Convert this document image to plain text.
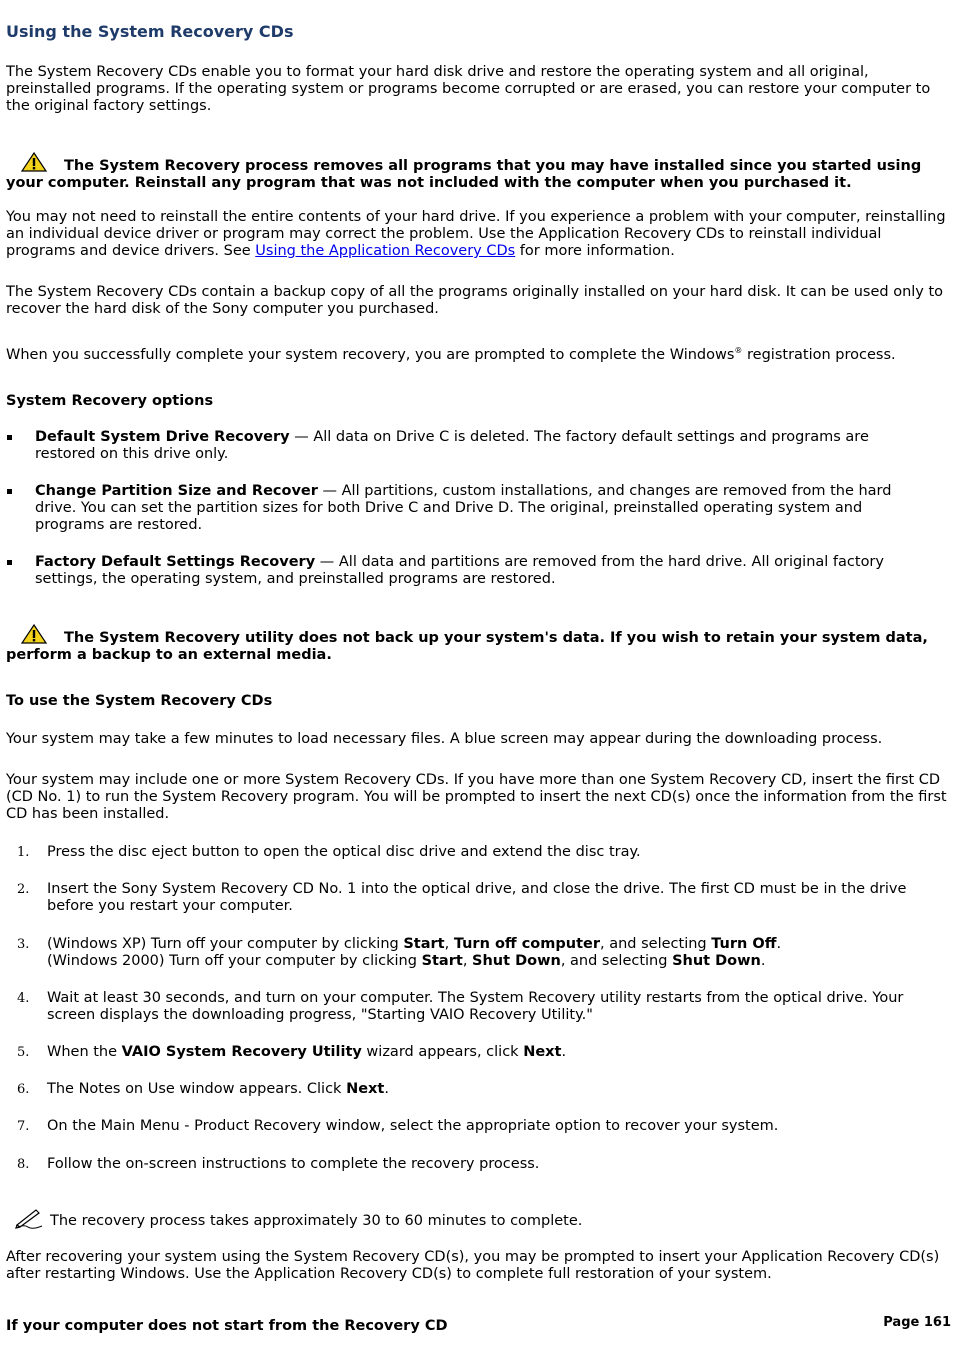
Using the System Recovery CDs

The System Recovery CDs enable you to format your hard disk drive and restore the operating system and all original, preinstalled programs. If the operating system or programs become corrupted or are erased, you can restore your computer to the original factory settings.

The System Recovery process removes all programs that you may have installed since you started using your computer. Reinstall any program that was not included with the computer when you purchased it.

You may not need to reinstall the entire contents of your hard drive. If you experience a problem with your computer, reinstalling an individual device driver or program may correct the problem. Use the Application Recovery CDs to reinstall individual programs and device drivers. See Using the Application Recovery CDs for more information.

The System Recovery CDs contain a backup copy of all the programs originally installed on your hard disk. It can be used only to recover the hard disk of the Sony computer you purchased.

When you successfully complete your system recovery, you are prompted to complete the Windows® registration process.

System Recovery options

Default System Drive Recovery — All data on Drive C is deleted. The factory default settings and programs are restored on this drive only.
Change Partition Size and Recover — All partitions, custom installations, and changes are removed from the hard drive. You can set the partition sizes for both Drive C and Drive D. The original, preinstalled operating system and programs are restored.
Factory Default Settings Recovery — All data and partitions are removed from the hard drive. All original factory settings, the operating system, and preinstalled programs are restored.

The System Recovery utility does not back up your system's data. If you wish to retain your system data, perform a backup to an external media.

To use the System Recovery CDs

Your system may take a few minutes to load necessary files. A blue screen may appear during the downloading process.

Your system may include one or more System Recovery CDs. If you have more than one System Recovery CD, insert the first CD (CD No. 1) to run the System Recovery program. You will be prompted to insert the next CD(s) once the information from the first CD has been installed.

1. Press the disc eject button to open the optical disc drive and extend the disc tray.
2. Insert the Sony System Recovery CD No. 1 into the optical drive, and close the drive. The first CD must be in the drive before you restart your computer.
3. (Windows XP) Turn off your computer by clicking Start, Turn off computer, and selecting Turn Off.
(Windows 2000) Turn off your computer by clicking Start, Shut Down, and selecting Shut Down.
4. Wait at least 30 seconds, and turn on your computer. The System Recovery utility restarts from the optical drive. Your screen displays the downloading progress, "Starting VAIO Recovery Utility."
5. When the VAIO System Recovery Utility wizard appears, click Next.
6. The Notes on Use window appears. Click Next.
7. On the Main Menu - Product Recovery window, select the appropriate option to recover your system.
8. Follow the on-screen instructions to complete the recovery process.

The recovery process takes approximately 30 to 60 minutes to complete.

After recovering your system using the System Recovery CD(s), you may be prompted to insert your Application Recovery CD(s) after restarting Windows. Use the Application Recovery CD(s) to complete full restoration of your system.

If your computer does not start from the Recovery CD	Page 161
